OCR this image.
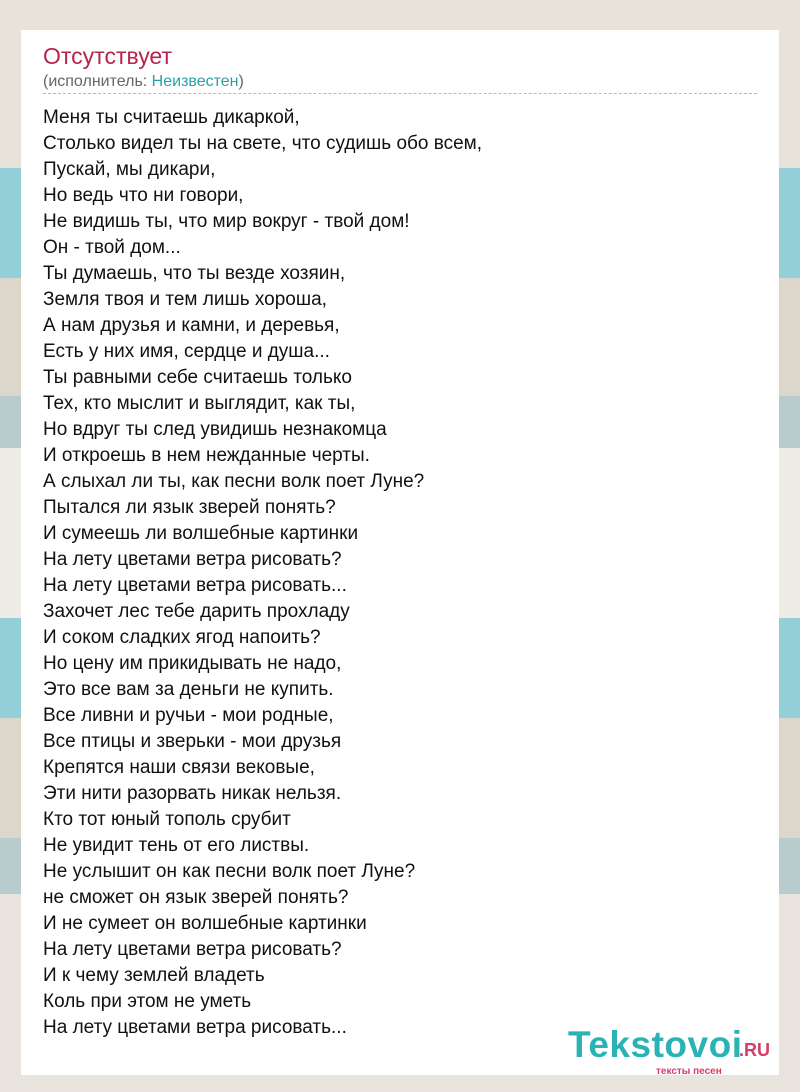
Отсутствует
(исполнитель: Неизвестен)
Меня ты считаешь дикаркой,
Столько видел ты на свете, что судишь обо всем,
Пускай, мы дикари,
Но ведь что ни говори,
Не видишь ты, что мир вокруг - твой дом!
Он - твой дом...
Ты думаешь, что ты везде хозяин,
Земля твоя и тем лишь хороша,
А нам друзья и камни, и деревья,
Есть у них имя, сердце и душа...
Ты равными себе считаешь только
Тех, кто мыслит и выглядит, как ты,
Но вдруг ты след увидишь незнакомца
И откроешь в нем нежданные черты.
А слыхал ли ты, как песни волк поет Луне?
Пытался ли язык зверей понять?
И сумеешь ли волшебные картинки
На лету цветами ветра рисовать?
На лету цветами ветра рисовать...
Захочет лес тебе дарить прохладу
И соком сладких ягод напоить?
Но цену им прикидывать не надо,
Это все вам за деньги не купить.
Все ливни и ручьи - мои родные,
Все птицы и зверьки - мои друзья
Крепятся наши связи вековые,
Эти нити разорвать никак нельзя.
Кто тот юный тополь срубит
Не увидит тень от его листвы.
Не услышит он как песни волк поет Луне?
не сможет он язык зверей понять?
И не сумеет он волшебные картинки
На лету цветами ветра рисовать?
И к чему землей владеть
Коль при этом не уметь
На лету цветами ветра рисовать...	Tekstovoi
.RU
тексты песен
